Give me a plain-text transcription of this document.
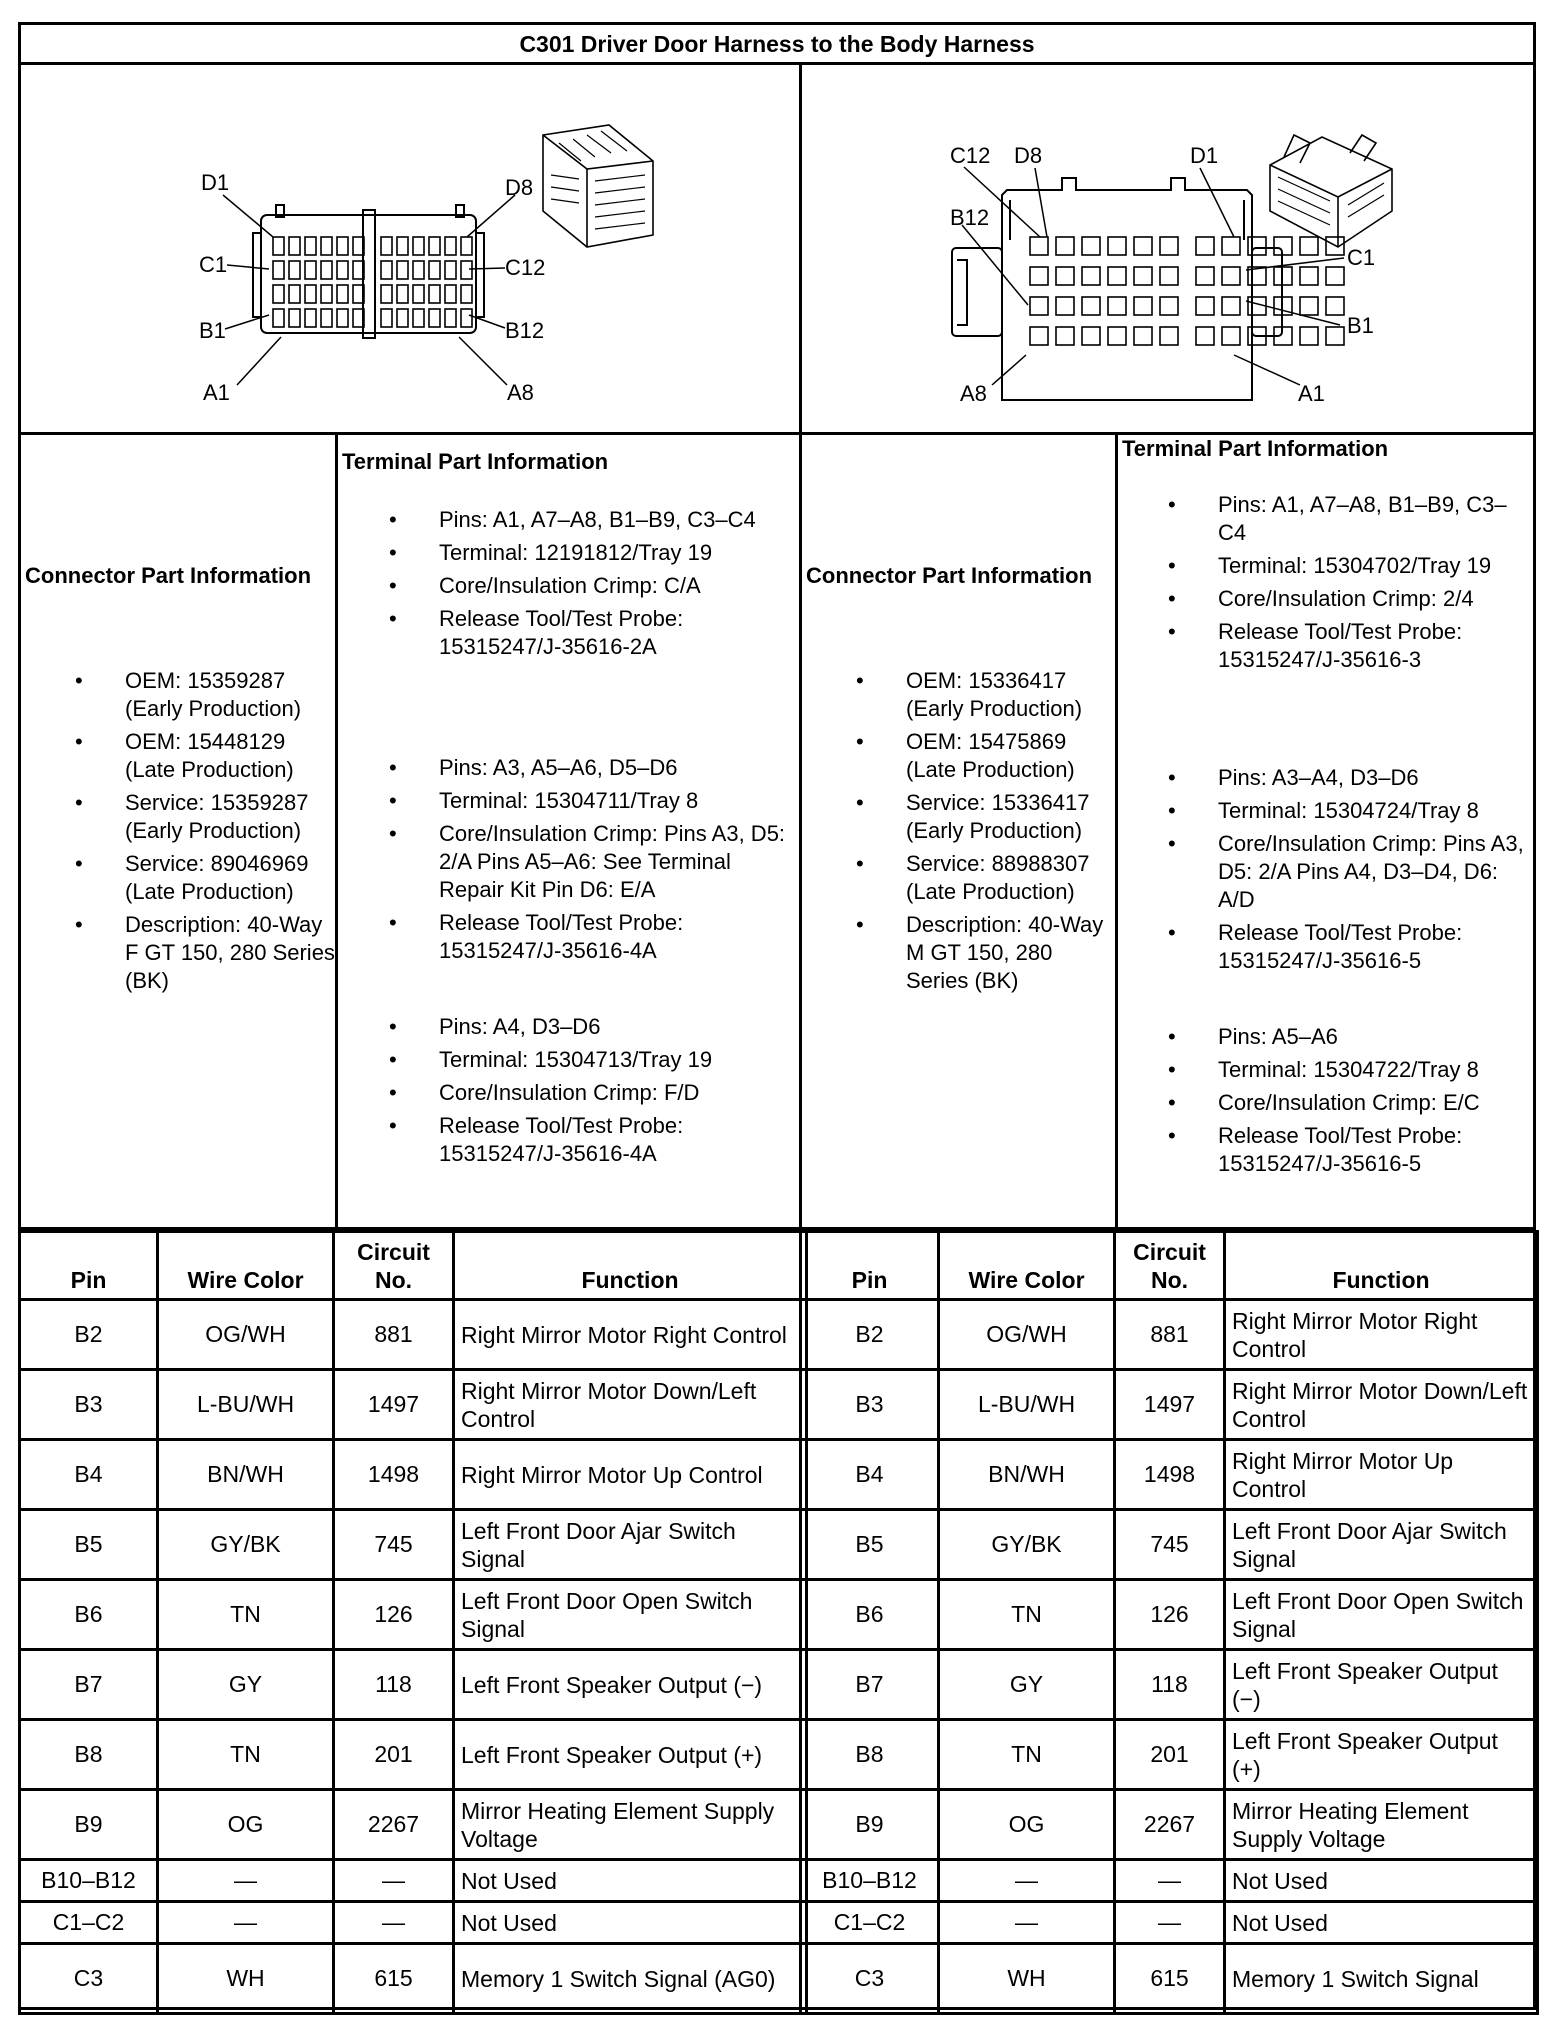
C301 Driver Door Harness to the Body Harness
D1
C1
B1
A1
D8
C12
B12
A8
C12 D8	D1
B12
C1
B1
A8	A1
Connector Part Information
• OEM: 15359287 (Early Production)
• OEM: 15448129 (Late Production)
• Service: 15359287 (Early Production)
• Service: 89046969 (Late Production)
• Description: 40-Way F GT 150, 280 Series (BK)
Terminal Part Information
• Pins: A1, A7–A8, B1–B9, C3–C4
• Terminal: 12191812/Tray 19
• Core/Insulation Crimp: C/A
• Release Tool/Test Probe: 15315247/J-35616-2A
• Pins: A3, A5–A6, D5–D6
• Terminal: 15304711/Tray 8
• Core/Insulation Crimp: Pins A3, D5: 2/A Pins A5–A6: See Terminal Repair Kit Pin D6: E/A
• Release Tool/Test Probe: 15315247/J-35616-4A
• Pins: A4, D3–D6
• Terminal: 15304713/Tray 19
• Core/Insulation Crimp: F/D
• Release Tool/Test Probe: 15315247/J-35616-4A
Connector Part Information
• OEM: 15336417 (Early Production)
• OEM: 15475869 (Late Production)
• Service: 15336417 (Early Production)
• Service: 88988307 (Late Production)
• Description: 40-Way M GT 150, 280 Series (BK)
Terminal Part Information
• Pins: A1, A7–A8, B1–B9, C3–C4
• Terminal: 15304702/Tray 19
• Core/Insulation Crimp: 2/4
• Release Tool/Test Probe: 15315247/J-35616-3
• Pins: A3–A4, D3–D6
• Terminal: 15304724/Tray 8
• Core/Insulation Crimp: Pins A3, D5: 2/A Pins A4, D3–D4, D6: A/D
• Release Tool/Test Probe: 15315247/J-35616-5
• Pins: A5–A6
• Terminal: 15304722/Tray 8
• Core/Insulation Crimp: E/C
• Release Tool/Test Probe: 15315247/J-35616-5
Pin	Wire Color	Circuit No.	Function
B2	OG/WH	881	Right Mirror Motor Right Control
B3	L-BU/WH	1497	Right Mirror Motor Down/Left Control
B4	BN/WH	1498	Right Mirror Motor Up Control
B5	GY/BK	745	Left Front Door Ajar Switch Signal
B6	TN	126	Left Front Door Open Switch Signal
B7	GY	118	Left Front Speaker Output (−)
B8	TN	201	Left Front Speaker Output (+)
B9	OG	2267	Mirror Heating Element Supply Voltage
B10–B12	—	—	Not Used
C1–C2	—	—	Not Used
C3	WH	615	Memory 1 Switch Signal (AG0)
Pin	Wire Color	Circuit No.	Function
B2	OG/WH	881	Right Mirror Motor Right Control
B3	L-BU/WH	1497	Right Mirror Motor Down/Left Control
B4	BN/WH	1498	Right Mirror Motor Up Control
B5	GY/BK	745	Left Front Door Ajar Switch Signal
B6	TN	126	Left Front Door Open Switch Signal
B7	GY	118	Left Front Speaker Output (−)
B8	TN	201	Left Front Speaker Output (+)
B9	OG	2267	Mirror Heating Element Supply Voltage
B10–B12	—	—	Not Used
C1–C2	—	—	Not Used
C3	WH	615	Memory 1 Switch Signal
